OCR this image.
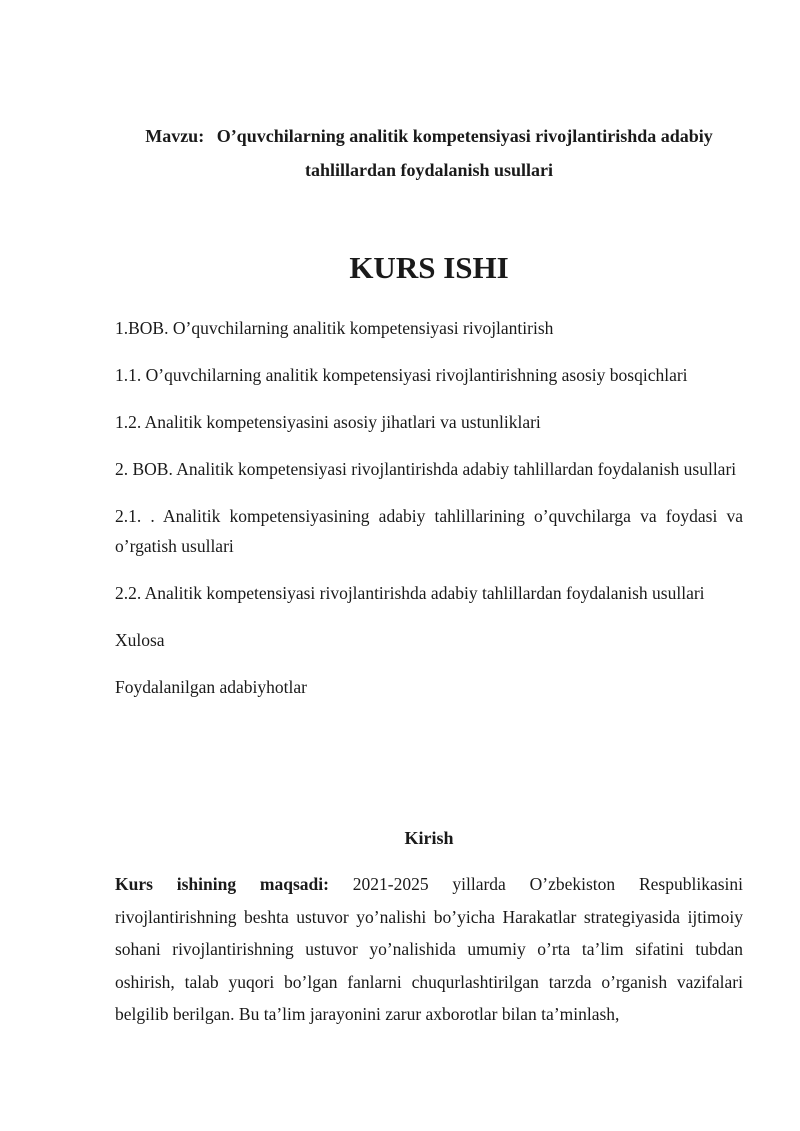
Mavzu: O’quvchilarning analitik kompetensiyasi rivojlantirishda adabiy tahlillardan foydalanish usullari
KURS ISHI
1.BOB. O’quvchilarning analitik kompetensiyasi rivojlantirish
1.1. O’quvchilarning analitik kompetensiyasi rivojlantirishning asosiy bosqichlari
1.2. Analitik kompetensiyasini asosiy jihatlari va ustunliklari
2. BOB. Analitik kompetensiyasi rivojlantirishda adabiy tahlillardan foydalanish usullari
2.1. . Analitik kompetensiyasining adabiy tahlillarining o’quvchilarga va foydasi va o’rgatish usullari
2.2. Analitik kompetensiyasi rivojlantirishda adabiy tahlillardan foydalanish usullari
Xulosa
Foydalanilgan adabiyhotlar
Kirish

Kurs ishining maqsadi: 2021-2025 yillarda O’zbekiston Respublikasini rivojlantirishning beshta ustuvor yo’nalishi bo’yicha Harakatlar strategiyasida ijtimoiy sohani rivojlantirishning ustuvor yo’nalishida umumiy o’rta ta’lim sifatini tubdan oshirish, talab yuqori bo’lgan fanlarni chuqurlashtirilgan tarzda o’rganish vazifalari belgilib berilgan. Bu ta’lim jarayonini zarur axborotlar bilan ta’minlash,
